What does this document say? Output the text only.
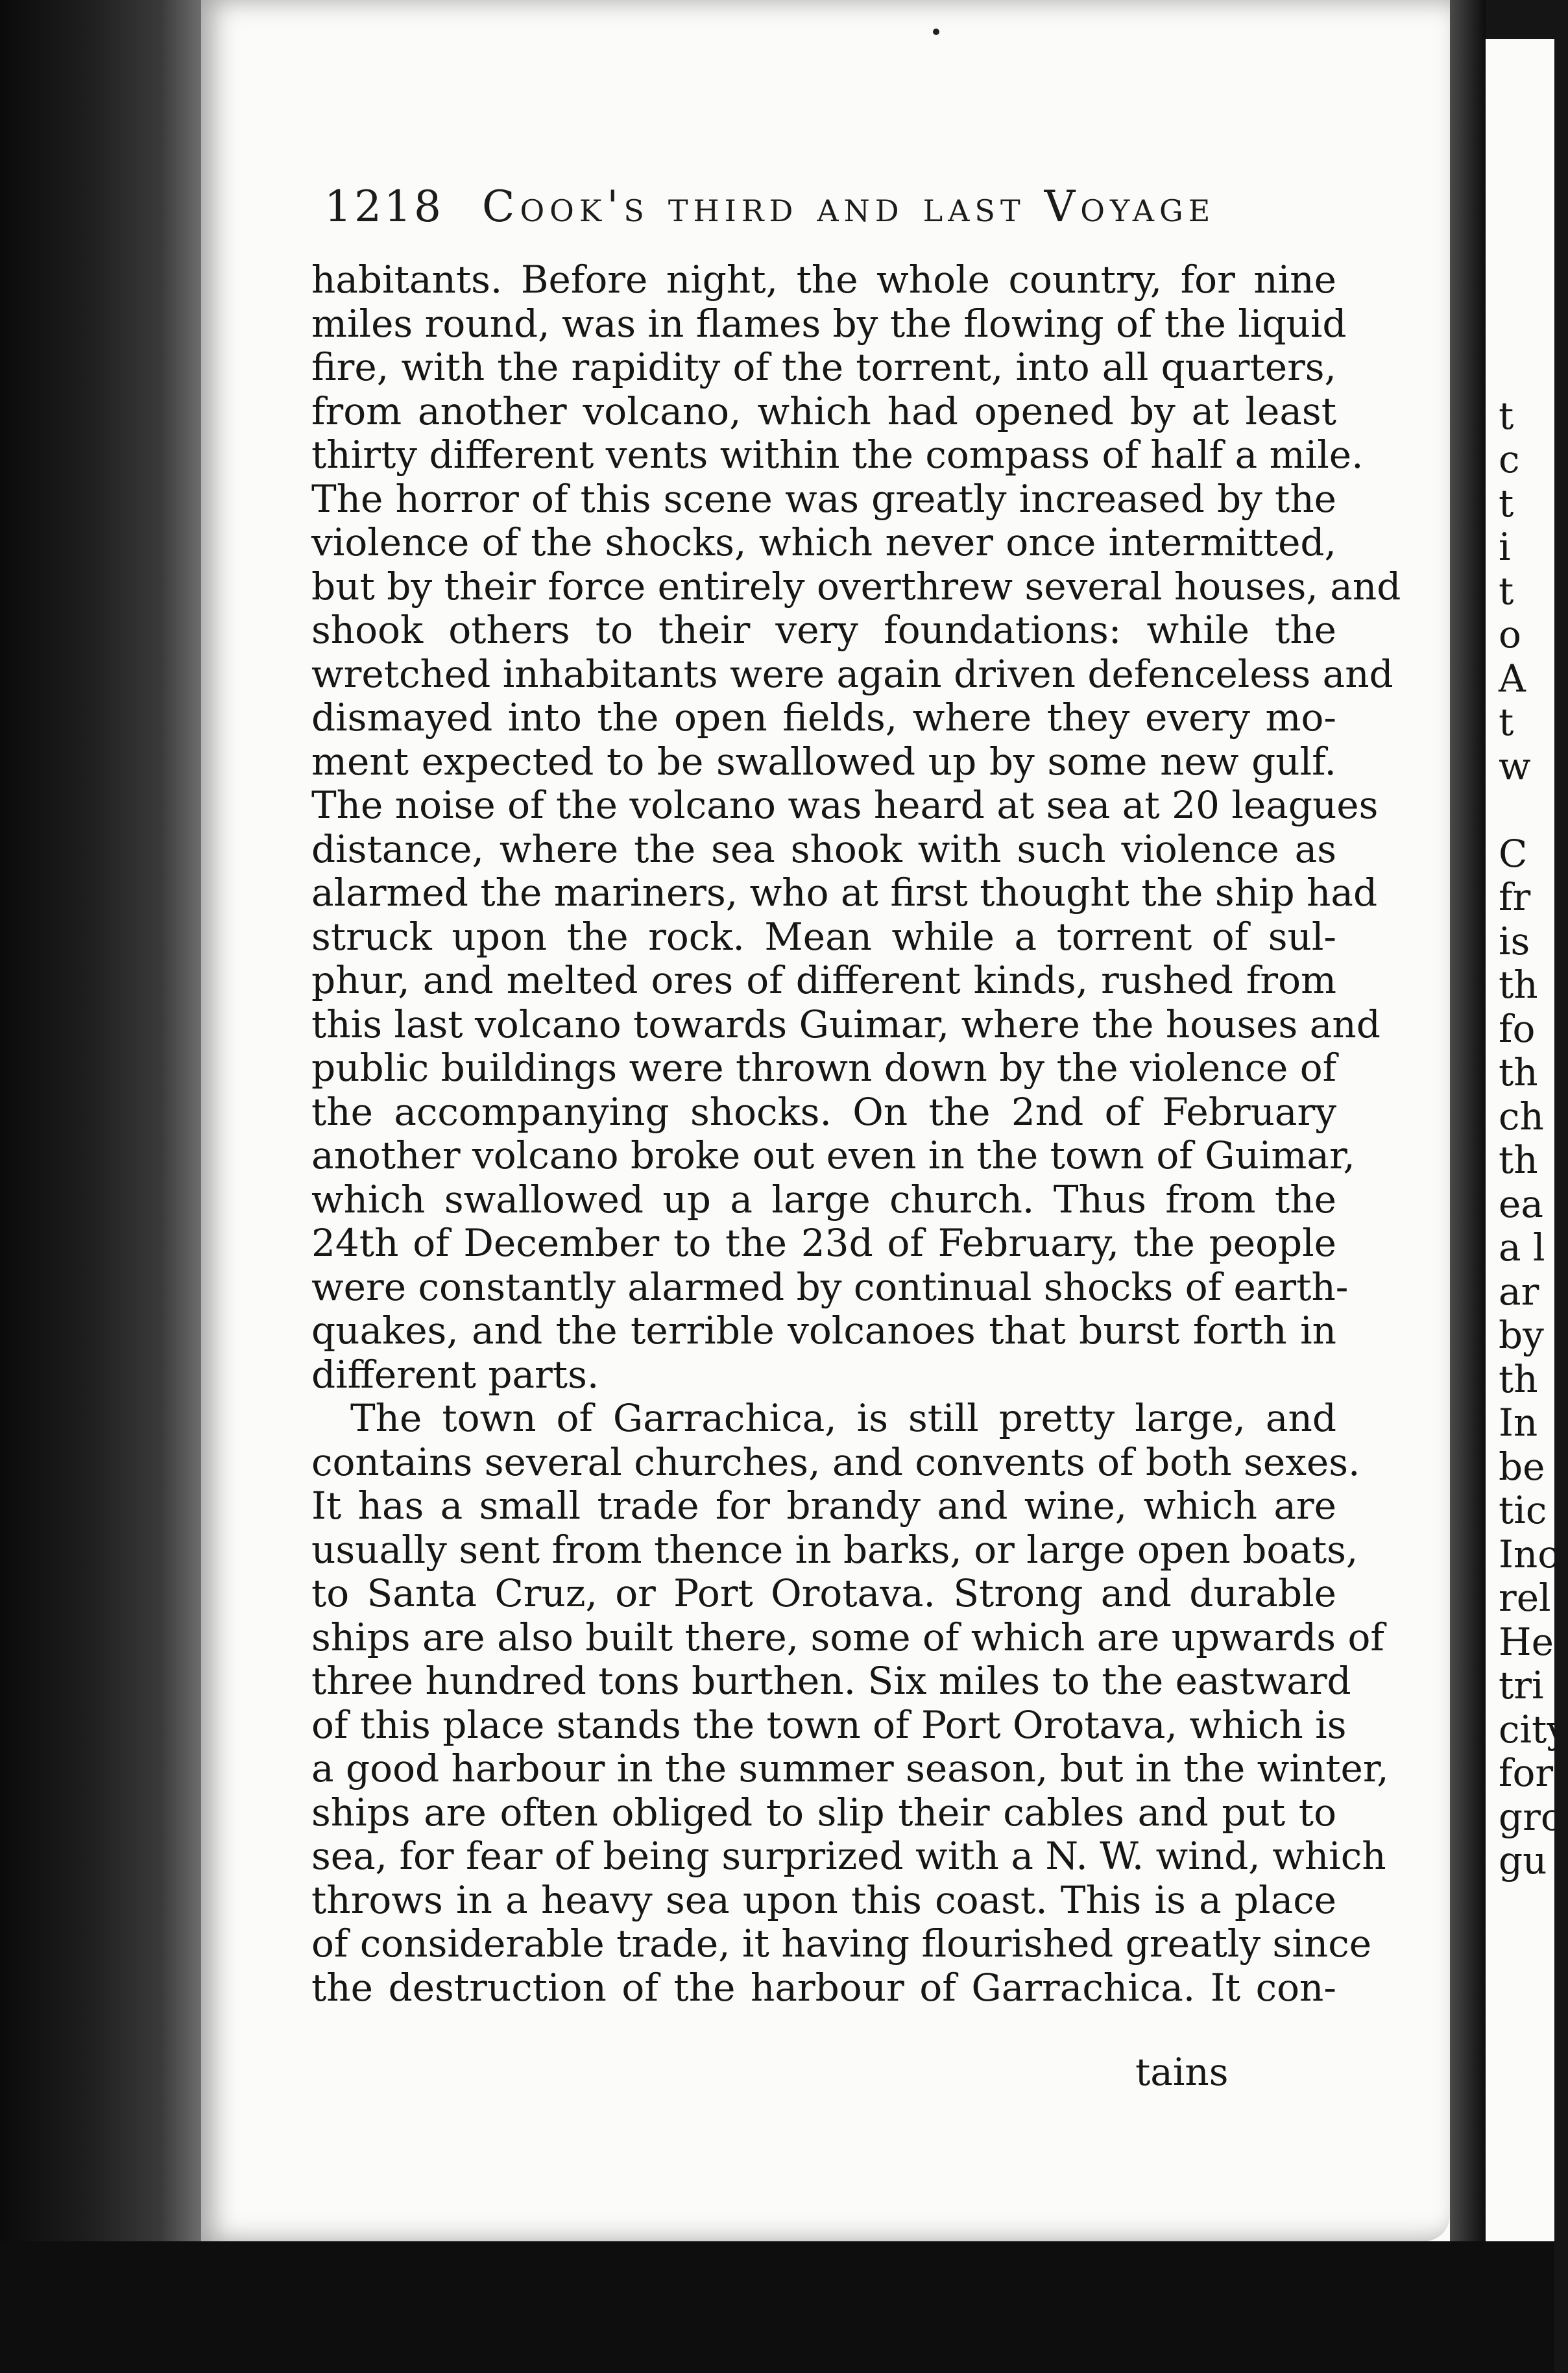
1218 Cook's third and last Voyage
habitants. Before night, the whole country, for nine
miles round, was in flames by the flowing of the liquid
fire, with the rapidity of the torrent, into all quarters,
from another volcano, which had opened by at least
thirty different vents within the compass of half a mile.
The horror of this scene was greatly increased by the
violence of the shocks, which never once intermitted,
but by their force entirely overthrew several houses, and
shook others to their very foundations: while the
wretched inhabitants were again driven defenceless and
dismayed into the open fields, where they every mo-
ment expected to be swallowed up by some new gulf.
The noise of the volcano was heard at sea at 20 leagues
distance, where the sea shook with such violence as
alarmed the mariners, who at first thought the ship had
struck upon the rock. Mean while a torrent of sul-
phur, and melted ores of different kinds, rushed from
this last volcano towards Guimar, where the houses and
public buildings were thrown down by the violence of
the accompanying shocks. On the 2nd of February
another volcano broke out even in the town of Guimar,
which swallowed up a large church. Thus from the
24th of December to the 23d of February, the people
were constantly alarmed by continual shocks of earth-
quakes, and the terrible volcanoes that burst forth in
different parts.
The town of Garrachica, is still pretty large, and
contains several churches, and convents of both sexes.
It has a small trade for brandy and wine, which are
usually sent from thence in barks, or large open boats,
to Santa Cruz, or Port Orotava. Strong and durable
ships are also built there, some of which are upwards of
three hundred tons burthen. Six miles to the eastward
of this place stands the town of Port Orotava, which is
a good harbour in the summer season, but in the winter,
ships are often obliged to slip their cables and put to
sea, for fear of being surprized with a N. W. wind, which
throws in a heavy sea upon this coast. This is a place
of considerable trade, it having flourished greatly since
the destruction of the harbour of Garrachica. It con-
tains
t
c
t
i
t
o
A
t
w
C
fr
is
th
fo
th
ch
th
ea
a l
ar
by
th
In
be
tic
Inc
rel
He
tri
city
for
gro
gu
